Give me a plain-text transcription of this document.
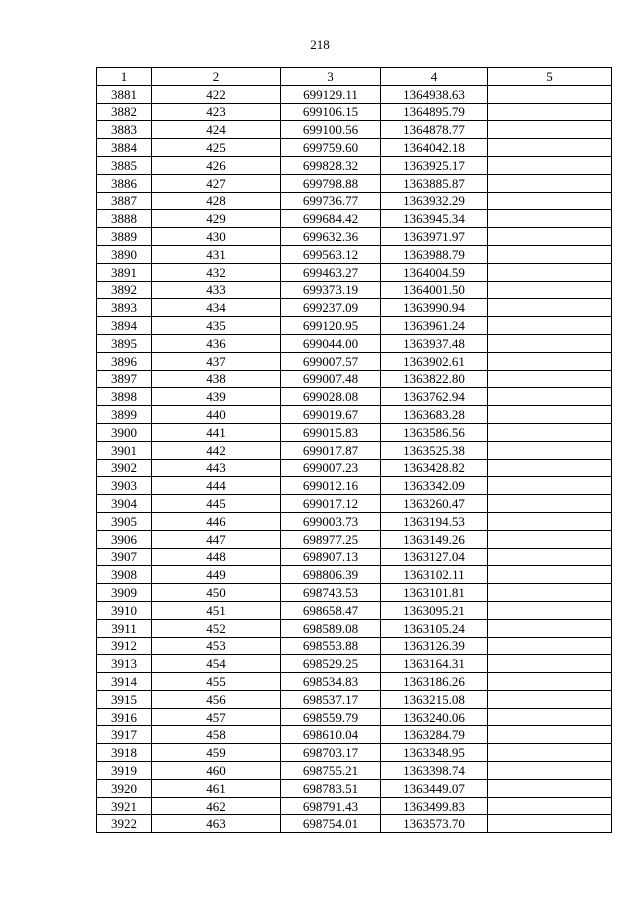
218
1	2	3	4	5
3881	422	699129.11	1364938.63	
3882	423	699106.15	1364895.79	
3883	424	699100.56	1364878.77	
3884	425	699759.60	1364042.18	
3885	426	699828.32	1363925.17	
3886	427	699798.88	1363885.87	
3887	428	699736.77	1363932.29	
3888	429	699684.42	1363945.34	
3889	430	699632.36	1363971.97	
3890	431	699563.12	1363988.79	
3891	432	699463.27	1364004.59	
3892	433	699373.19	1364001.50	
3893	434	699237.09	1363990.94	
3894	435	699120.95	1363961.24	
3895	436	699044.00	1363937.48	
3896	437	699007.57	1363902.61	
3897	438	699007.48	1363822.80	
3898	439	699028.08	1363762.94	
3899	440	699019.67	1363683.28	
3900	441	699015.83	1363586.56	
3901	442	699017.87	1363525.38	
3902	443	699007.23	1363428.82	
3903	444	699012.16	1363342.09	
3904	445	699017.12	1363260.47	
3905	446	699003.73	1363194.53	
3906	447	698977.25	1363149.26	
3907	448	698907.13	1363127.04	
3908	449	698806.39	1363102.11	
3909	450	698743.53	1363101.81	
3910	451	698658.47	1363095.21	
3911	452	698589.08	1363105.24	
3912	453	698553.88	1363126.39	
3913	454	698529.25	1363164.31	
3914	455	698534.83	1363186.26	
3915	456	698537.17	1363215.08	
3916	457	698559.79	1363240.06	
3917	458	698610.04	1363284.79	
3918	459	698703.17	1363348.95	
3919	460	698755.21	1363398.74	
3920	461	698783.51	1363449.07	
3921	462	698791.43	1363499.83	
3922	463	698754.01	1363573.70	
